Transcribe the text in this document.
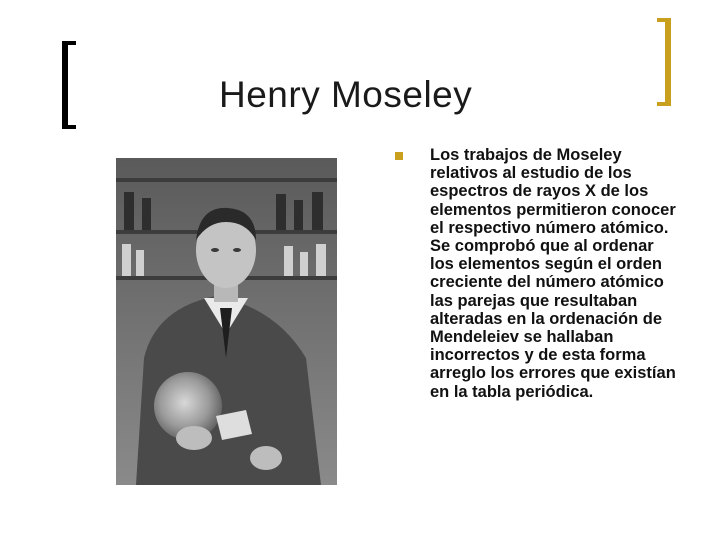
Henry Moseley
Los trabajos de Moseley relativos al estudio de los espectros de rayos X de los elementos permitieron conocer el respectivo número atómico. Se comprobó que al ordenar los elementos según el orden creciente del número atómico las parejas que resultaban alteradas en la ordenación de Mendeleiev se hallaban incorrectos y de esta forma arreglo los errores que existían en la tabla periódica.
